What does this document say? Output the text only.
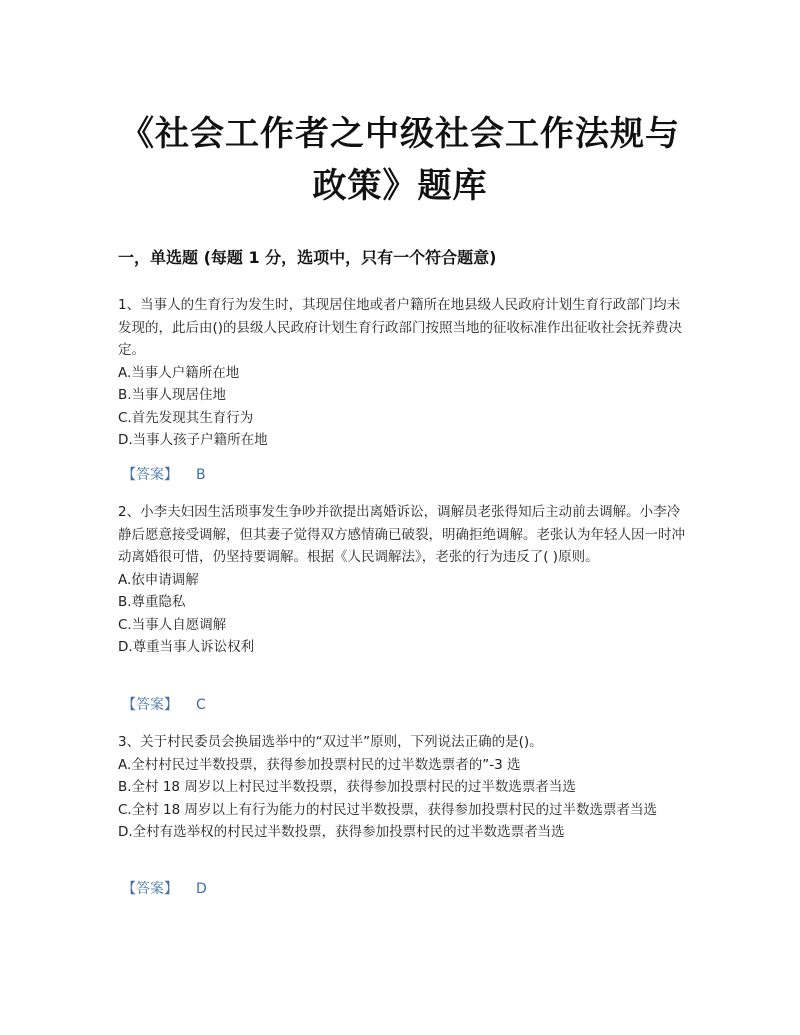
《社会工作者之中级社会工作法规与
政策》题库
一，单选题 (每题 1 分，选项中，只有一个符合题意)

1、当事人的生育行为发生时，其现居住地或者户籍所在地县级人民政府计划生育行政部门均未发现的，此后由()的县级人民政府计划生育行政部门按照当地的征收标准作出征收社会抚养费决定。

A.当事人户籍所在地

B.当事人现居住地

C.首先发现其生育行为

D.当事人孩子户籍所在地

【答案】 B

2、小李夫妇因生活琐事发生争吵并欲提出离婚诉讼，调解员老张得知后主动前去调解。小李冷静后愿意接受调解，但其妻子觉得双方感情确已破裂，明确拒绝调解。老张认为年轻人因一时冲动离婚很可惜，仍坚持要调解。根据《人民调解法》，老张的行为违反了( )原则。

A.依申请调解

B.尊重隐私

C.当事人自愿调解

D.尊重当事人诉讼权利

【答案】 C

3、关于村民委员会换届选举中的“双过半”原则，下列说法正确的是()。

A.全村村民过半数投票，获得参加投票村民的过半数选票者的”-3 选

B.全村 18 周岁以上村民过半数投票，获得参加投票村民的过半数选票者当选

C.全村 18 周岁以上有行为能力的村民过半数投票，获得参加投票村民的过半数选票者当选

D.全村有选举权的村民过半数投票，获得参加投票村民的过半数选票者当选

【答案】 D
